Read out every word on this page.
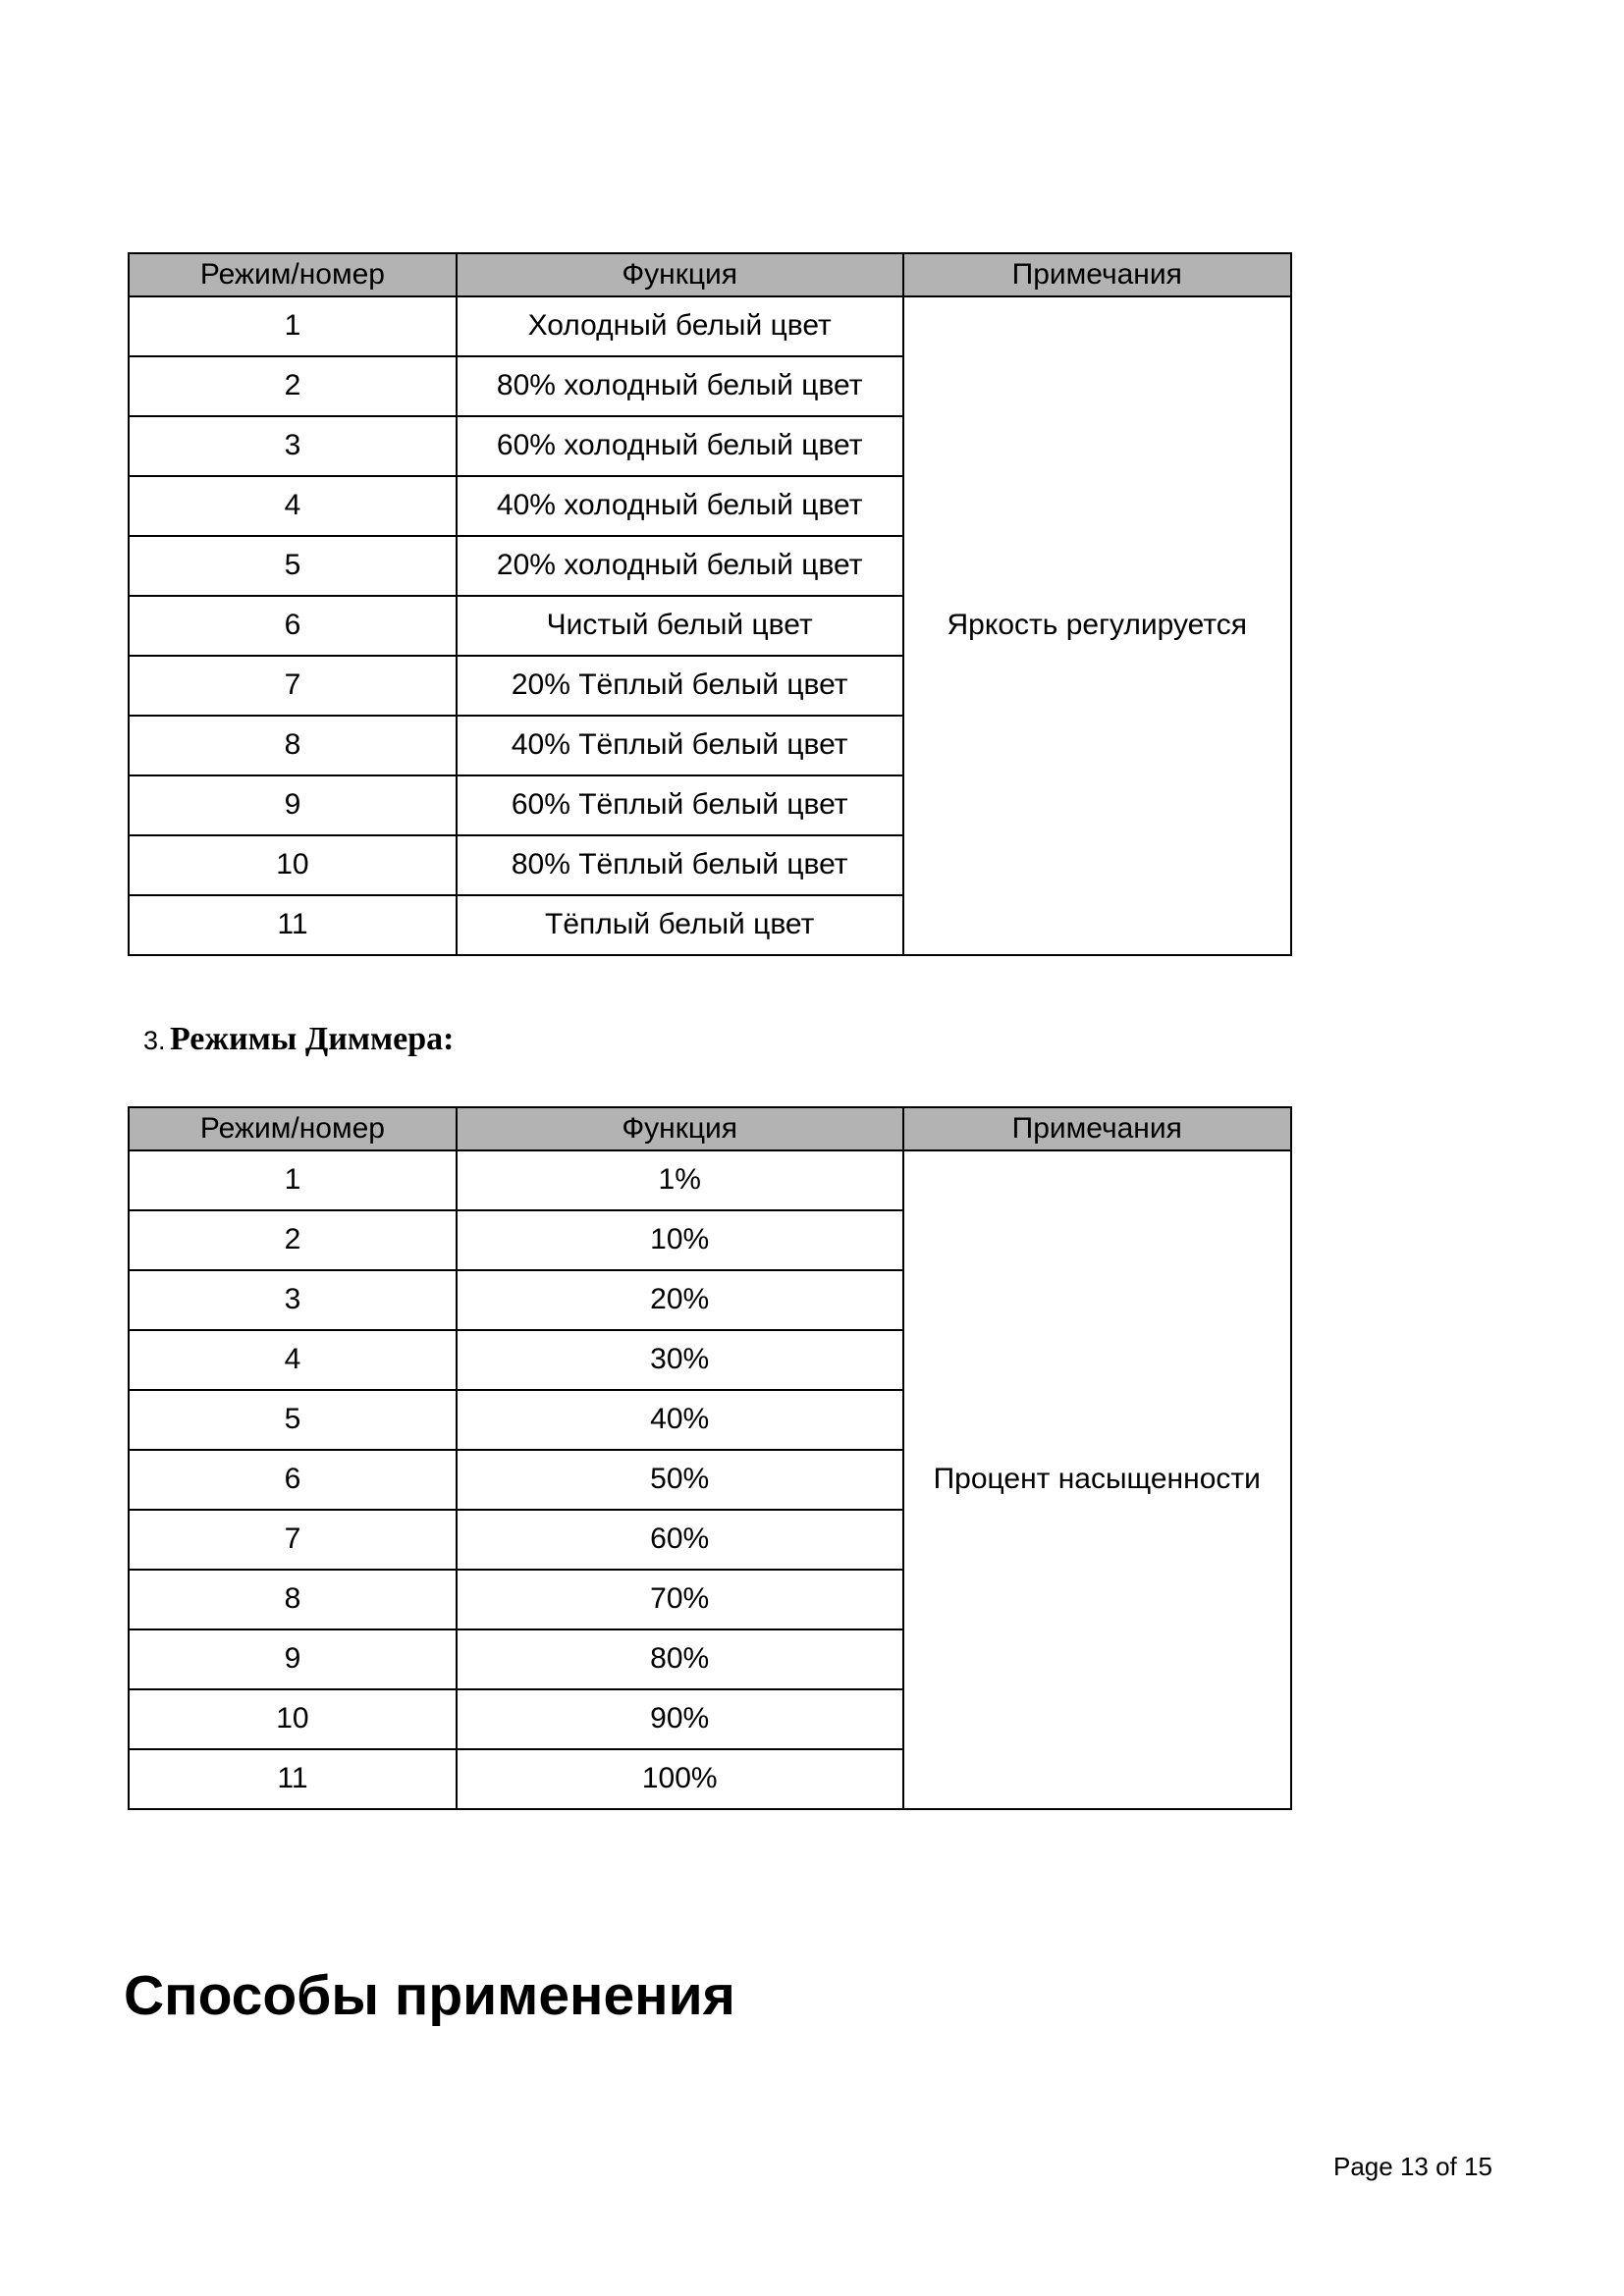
Режим/номер	Функция	Примечания
1	Холодный белый цвет	Яркость регулируется
2	80% холодный белый цвет	
3	60% холодный белый цвет	
4	40% холодный белый цвет	
5	20% холодный белый цвет	
6	Чистый белый цвет	
7	20% Тёплый белый цвет	
8	40% Тёплый белый цвет	
9	60% Тёплый белый цвет	
10	80% Тёплый белый цвет	
11	Тёплый белый цвет	
3. Режимы Диммера:
Режим/номер	Функция	Примечания
1	1%	Процент насыщенности
2	10%	
3	20%	
4	30%	
5	40%	
6	50%	
7	60%	
8	70%	
9	80%	
10	90%	
11	100%	
Способы применения
Page 13 of 15
